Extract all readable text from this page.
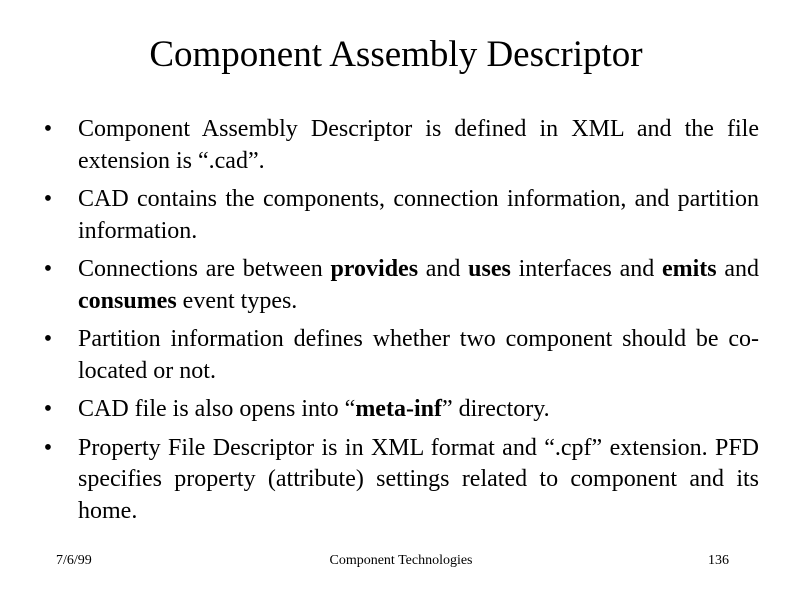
Component Assembly Descriptor
• Component Assembly Descriptor is defined in XML and the file extension is “.cad”.
• CAD contains the components, connection information, and partition information.
• Connections are between provides and uses interfaces and emits and consumes event types.
• Partition information defines whether two component should be co-located or not.
• CAD file is also opens into “meta-inf” directory.
• Property File Descriptor is in XML format and “.cpf” extension. PFD specifies property (attribute) settings related to component and its home.
7/6/99	Component Technologies	136
